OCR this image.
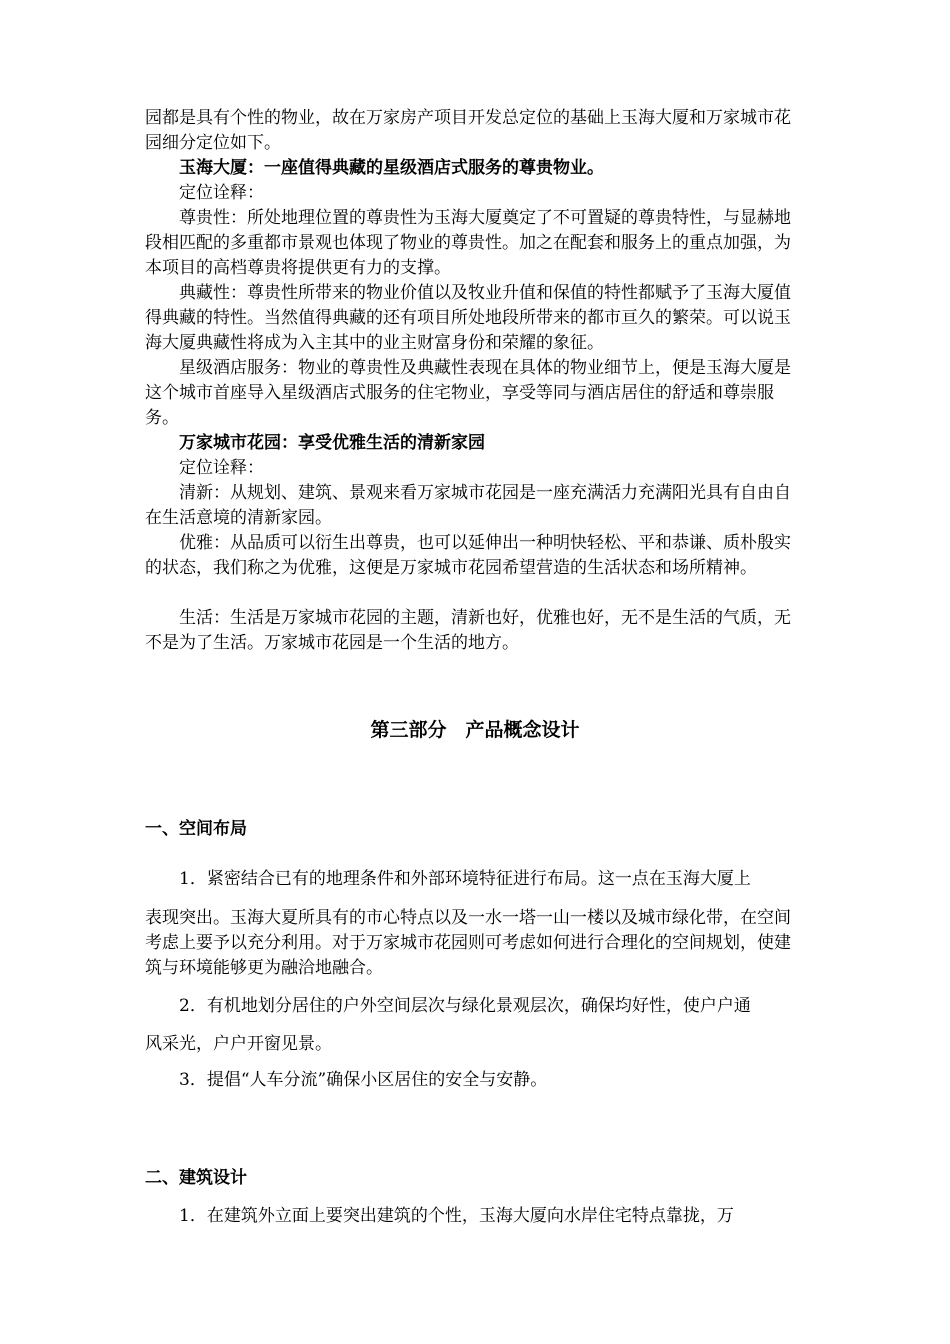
园都是具有个性的物业，故在万家房产项目开发总定位的基础上玉海大厦和万家城市花园细分定位如下。

玉海大厦：一座值得典藏的星级酒店式服务的尊贵物业。

定位诠释：

尊贵性：所处地理位置的尊贵性为玉海大厦奠定了不可置疑的尊贵特性，与显赫地段相匹配的多重都市景观也体现了物业的尊贵性。加之在配套和服务上的重点加强，为本项目的高档尊贵将提供更有力的支撑。

典藏性：尊贵性所带来的物业价值以及牧业升值和保值的特性都赋予了玉海大厦值得典藏的特性。当然值得典藏的还有项目所处地段所带来的都市亘久的繁荣。可以说玉海大厦典藏性将成为入主其中的业主财富身份和荣耀的象征。

星级酒店服务：物业的尊贵性及典藏性表现在具体的物业细节上，便是玉海大厦是这个城市首座导入星级酒店式服务的住宅物业，享受等同与酒店居住的舒适和尊崇服务。

万家城市花园：享受优雅生活的清新家园

定位诠释：

清新：从规划、建筑、景观来看万家城市花园是一座充满活力充满阳光具有自由自在生活意境的清新家园。

优雅：从品质可以衍生出尊贵，也可以延伸出一种明快轻松、平和恭谦、质朴殷实的状态，我们称之为优雅，这便是万家城市花园希望营造的生活状态和场所精神。

生活：生活是万家城市花园的主题，清新也好，优雅也好，无不是生活的气质，无不是为了生活。万家城市花园是一个生活的地方。

第三部分　产品概念设计
一、空间布局

1．紧密结合已有的地理条件和外部环境特征进行布局。这一点在玉海大厦上

表现突出。玉海大夏所具有的市心特点以及一水一塔一山一楼以及城市绿化带，在空间考虑上要予以充分利用。对于万家城市花园则可考虑如何进行合理化的空间规划，使建筑与环境能够更为融洽地融合。

2．有机地划分居住的户外空间层次与绿化景观层次，确保均好性，使户户通

风采光，户户开窗见景。

3．提倡“人车分流”确保小区居住的安全与安静。

二、建筑设计

1．在建筑外立面上要突出建筑的个性，玉海大厦向水岸住宅特点靠拢，万
